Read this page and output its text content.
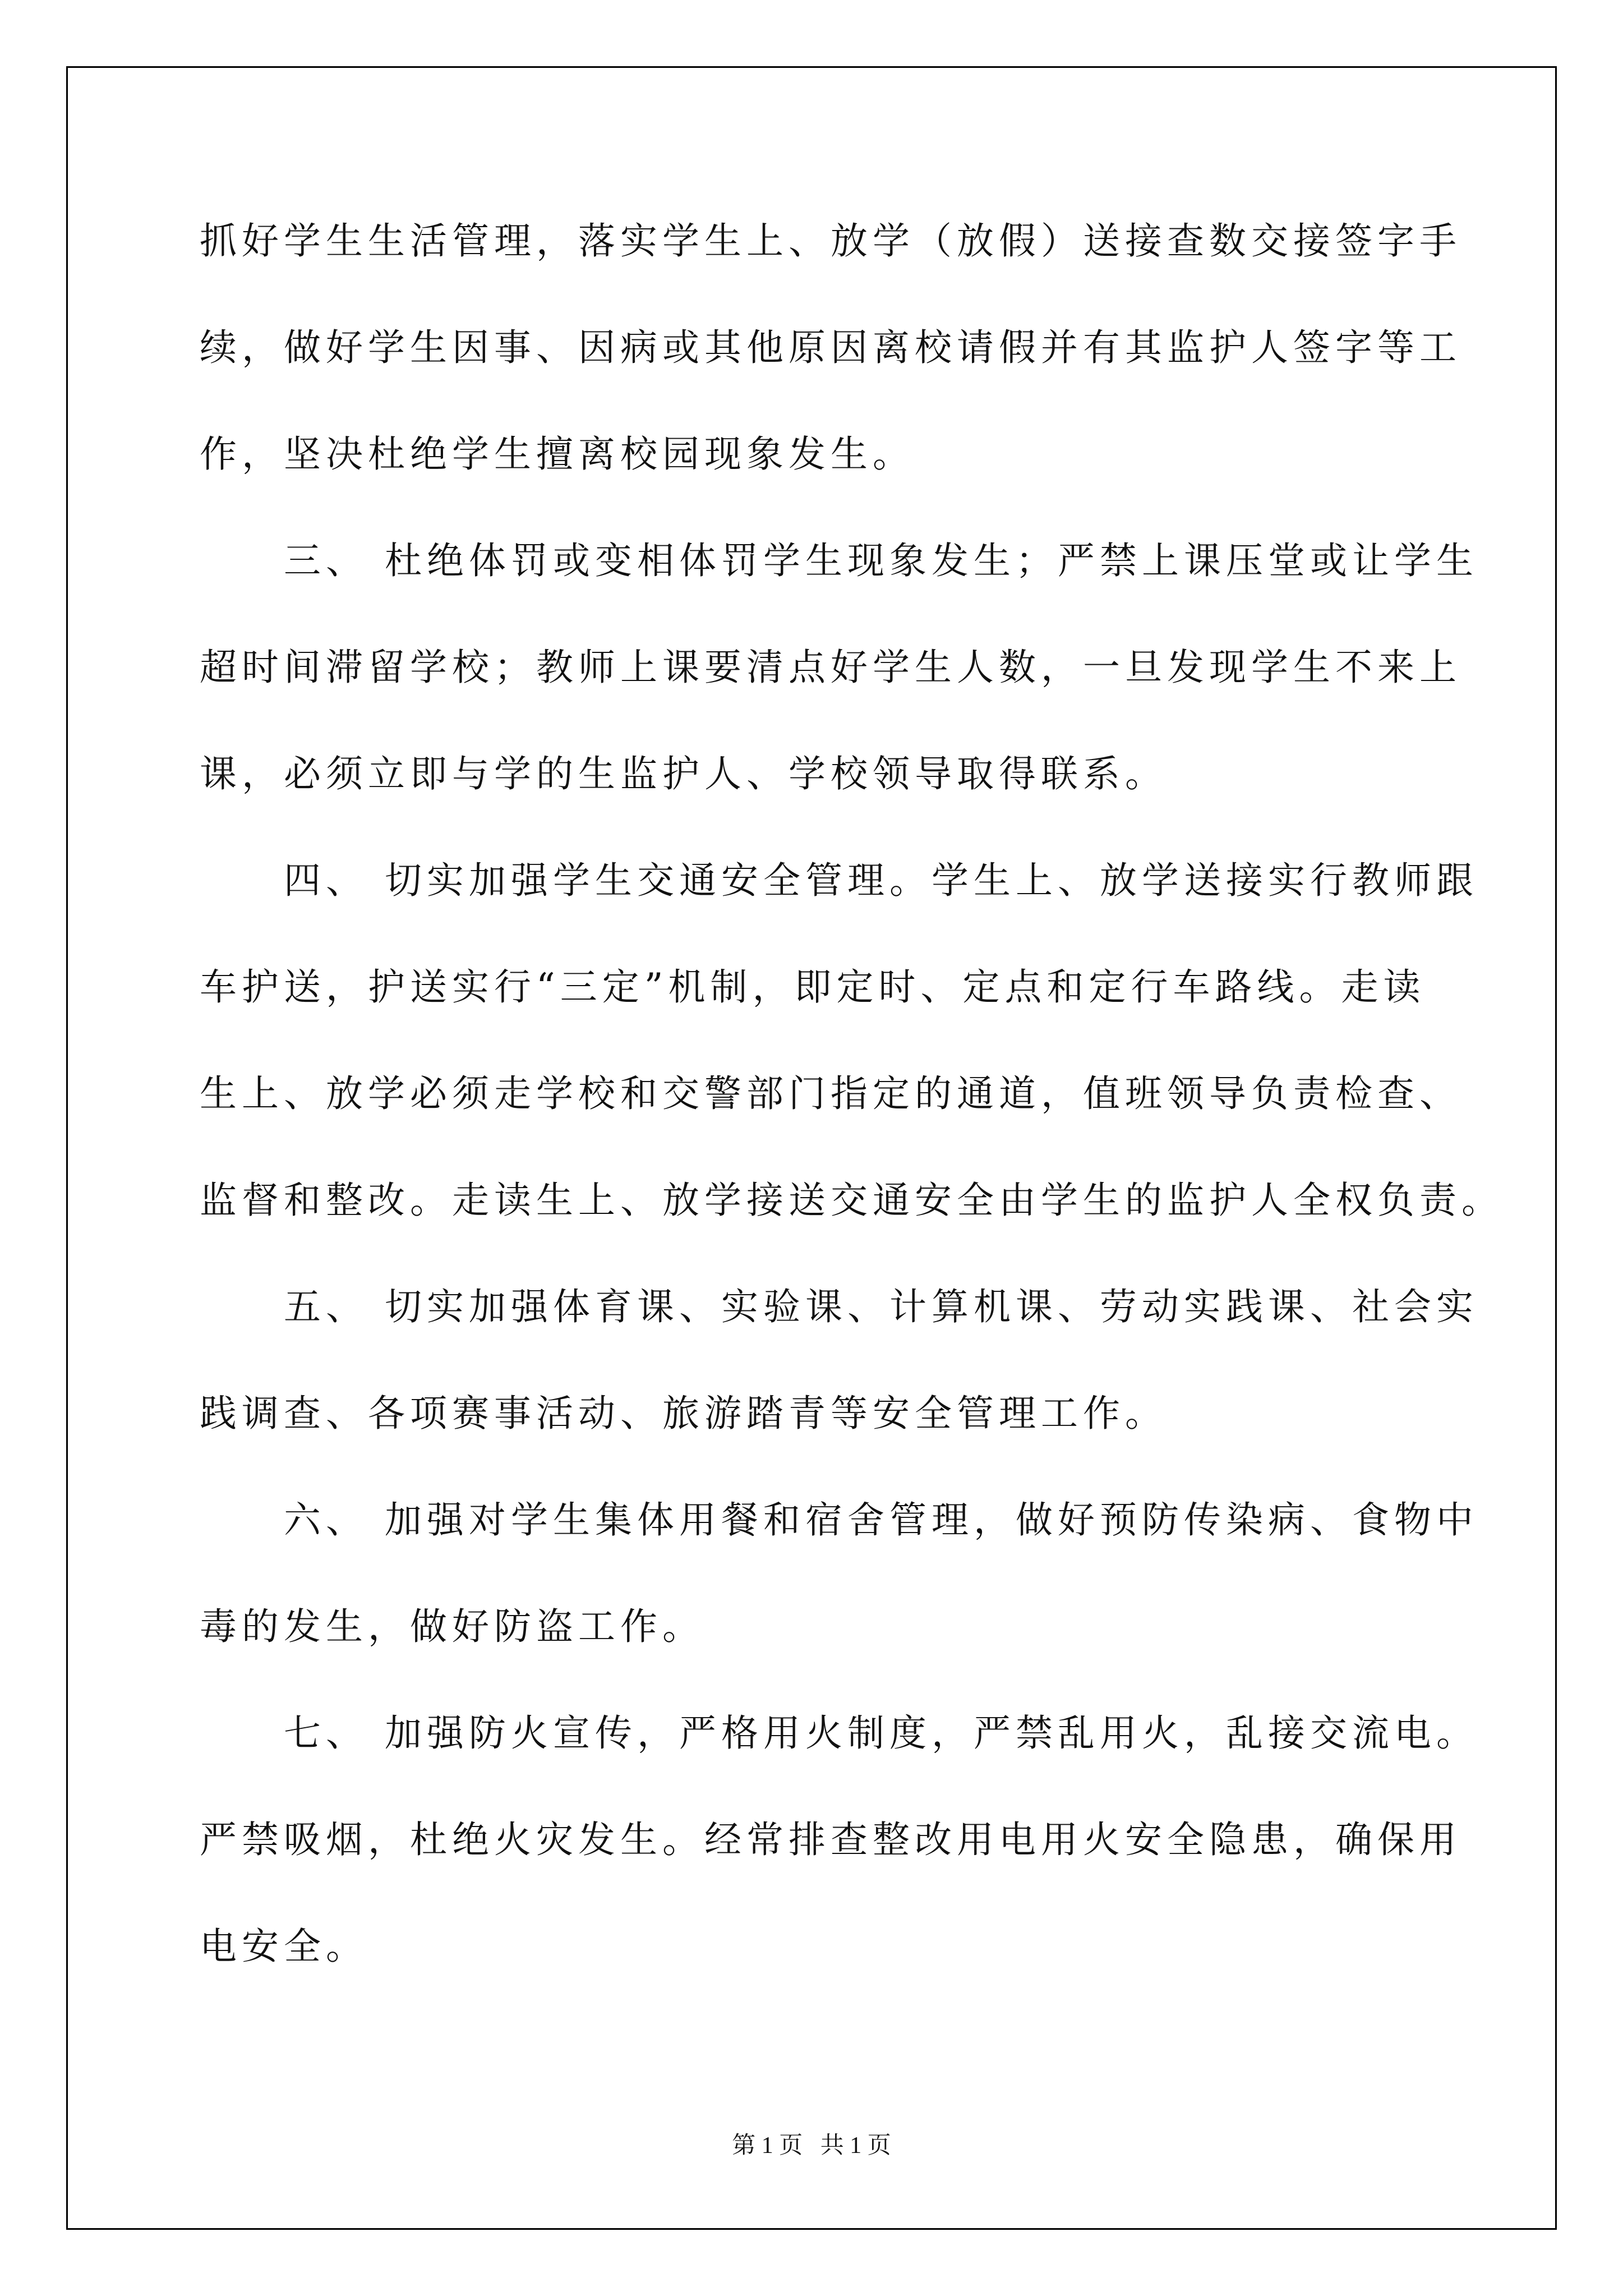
抓好学生生活管理，落实学生上、放学（放假）送接查数交接签字手

续，做好学生因事、因病或其他原因离校请假并有其监护人签字等工

作，坚决杜绝学生擅离校园现象发生。

三、 杜绝体罚或变相体罚学生现象发生；严禁上课压堂或让学生

超时间滞留学校；教师上课要清点好学生人数，一旦发现学生不来上

课，必须立即与学的生监护人、学校领导取得联系。

四、 切实加强学生交通安全管理。学生上、放学送接实行教师跟

车护送，护送实行“三定”机制，即定时、定点和定行车路线。走读

生上、放学必须走学校和交警部门指定的通道，值班领导负责检查、

监督和整改。走读生上、放学接送交通安全由学生的监护人全权负责。

五、 切实加强体育课、实验课、计算机课、劳动实践课、社会实

践调查、各项赛事活动、旅游踏青等安全管理工作。

六、 加强对学生集体用餐和宿舍管理，做好预防传染病、食物中

毒的发生，做好防盗工作。

七、 加强防火宣传，严格用火制度，严禁乱用火，乱接交流电。

严禁吸烟，杜绝火灾发生。经常排查整改用电用火安全隐患，确保用

电安全。

第 1 页   共 1 页
